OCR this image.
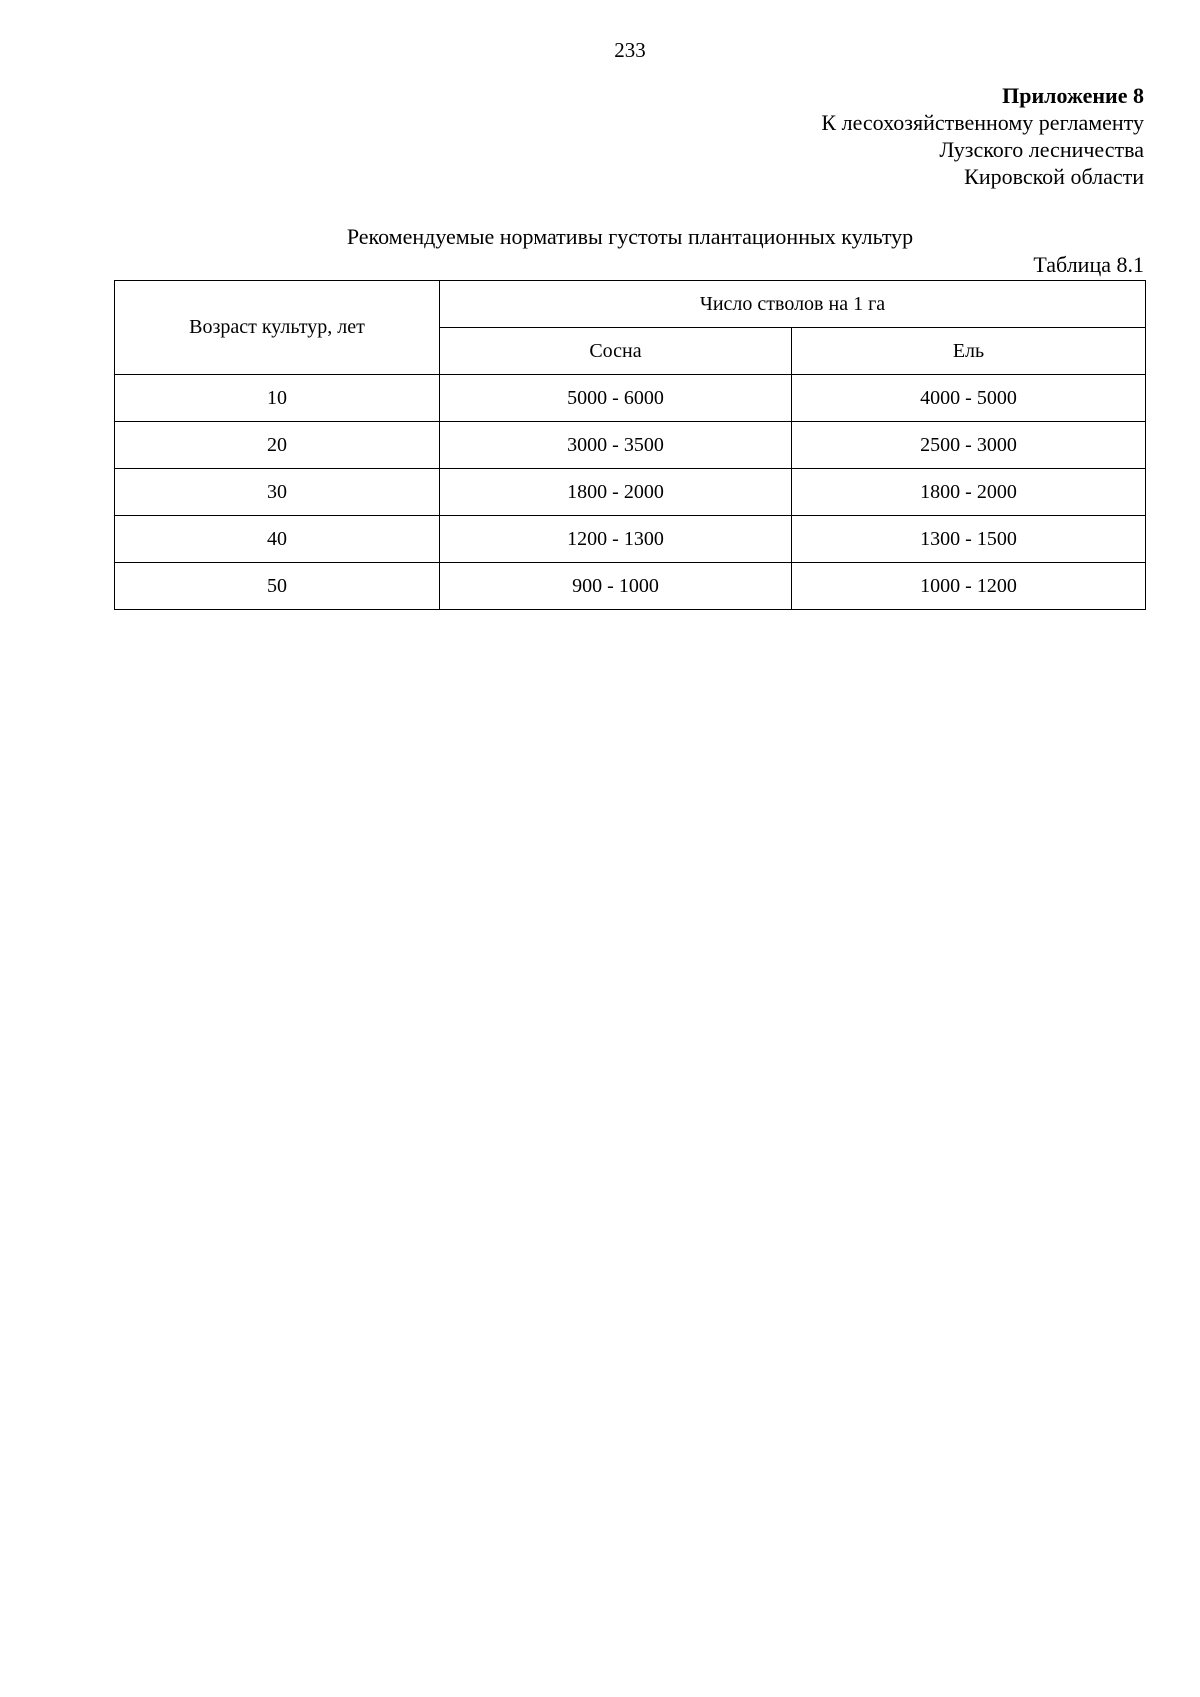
233
Приложение 8
К лесохозяйственному регламенту
Лузского лесничества
Кировской области
Рекомендуемые нормативы густоты плантационных культур
Таблица 8.1
Возраст культур, лет	Число стволов на 1 га	
	Сосна	Ель
10	5000 - 6000	4000 - 5000
20	3000 - 3500	2500 - 3000
30	1800 - 2000	1800 - 2000
40	1200 - 1300	1300 - 1500
50	900 - 1000	1000 - 1200
